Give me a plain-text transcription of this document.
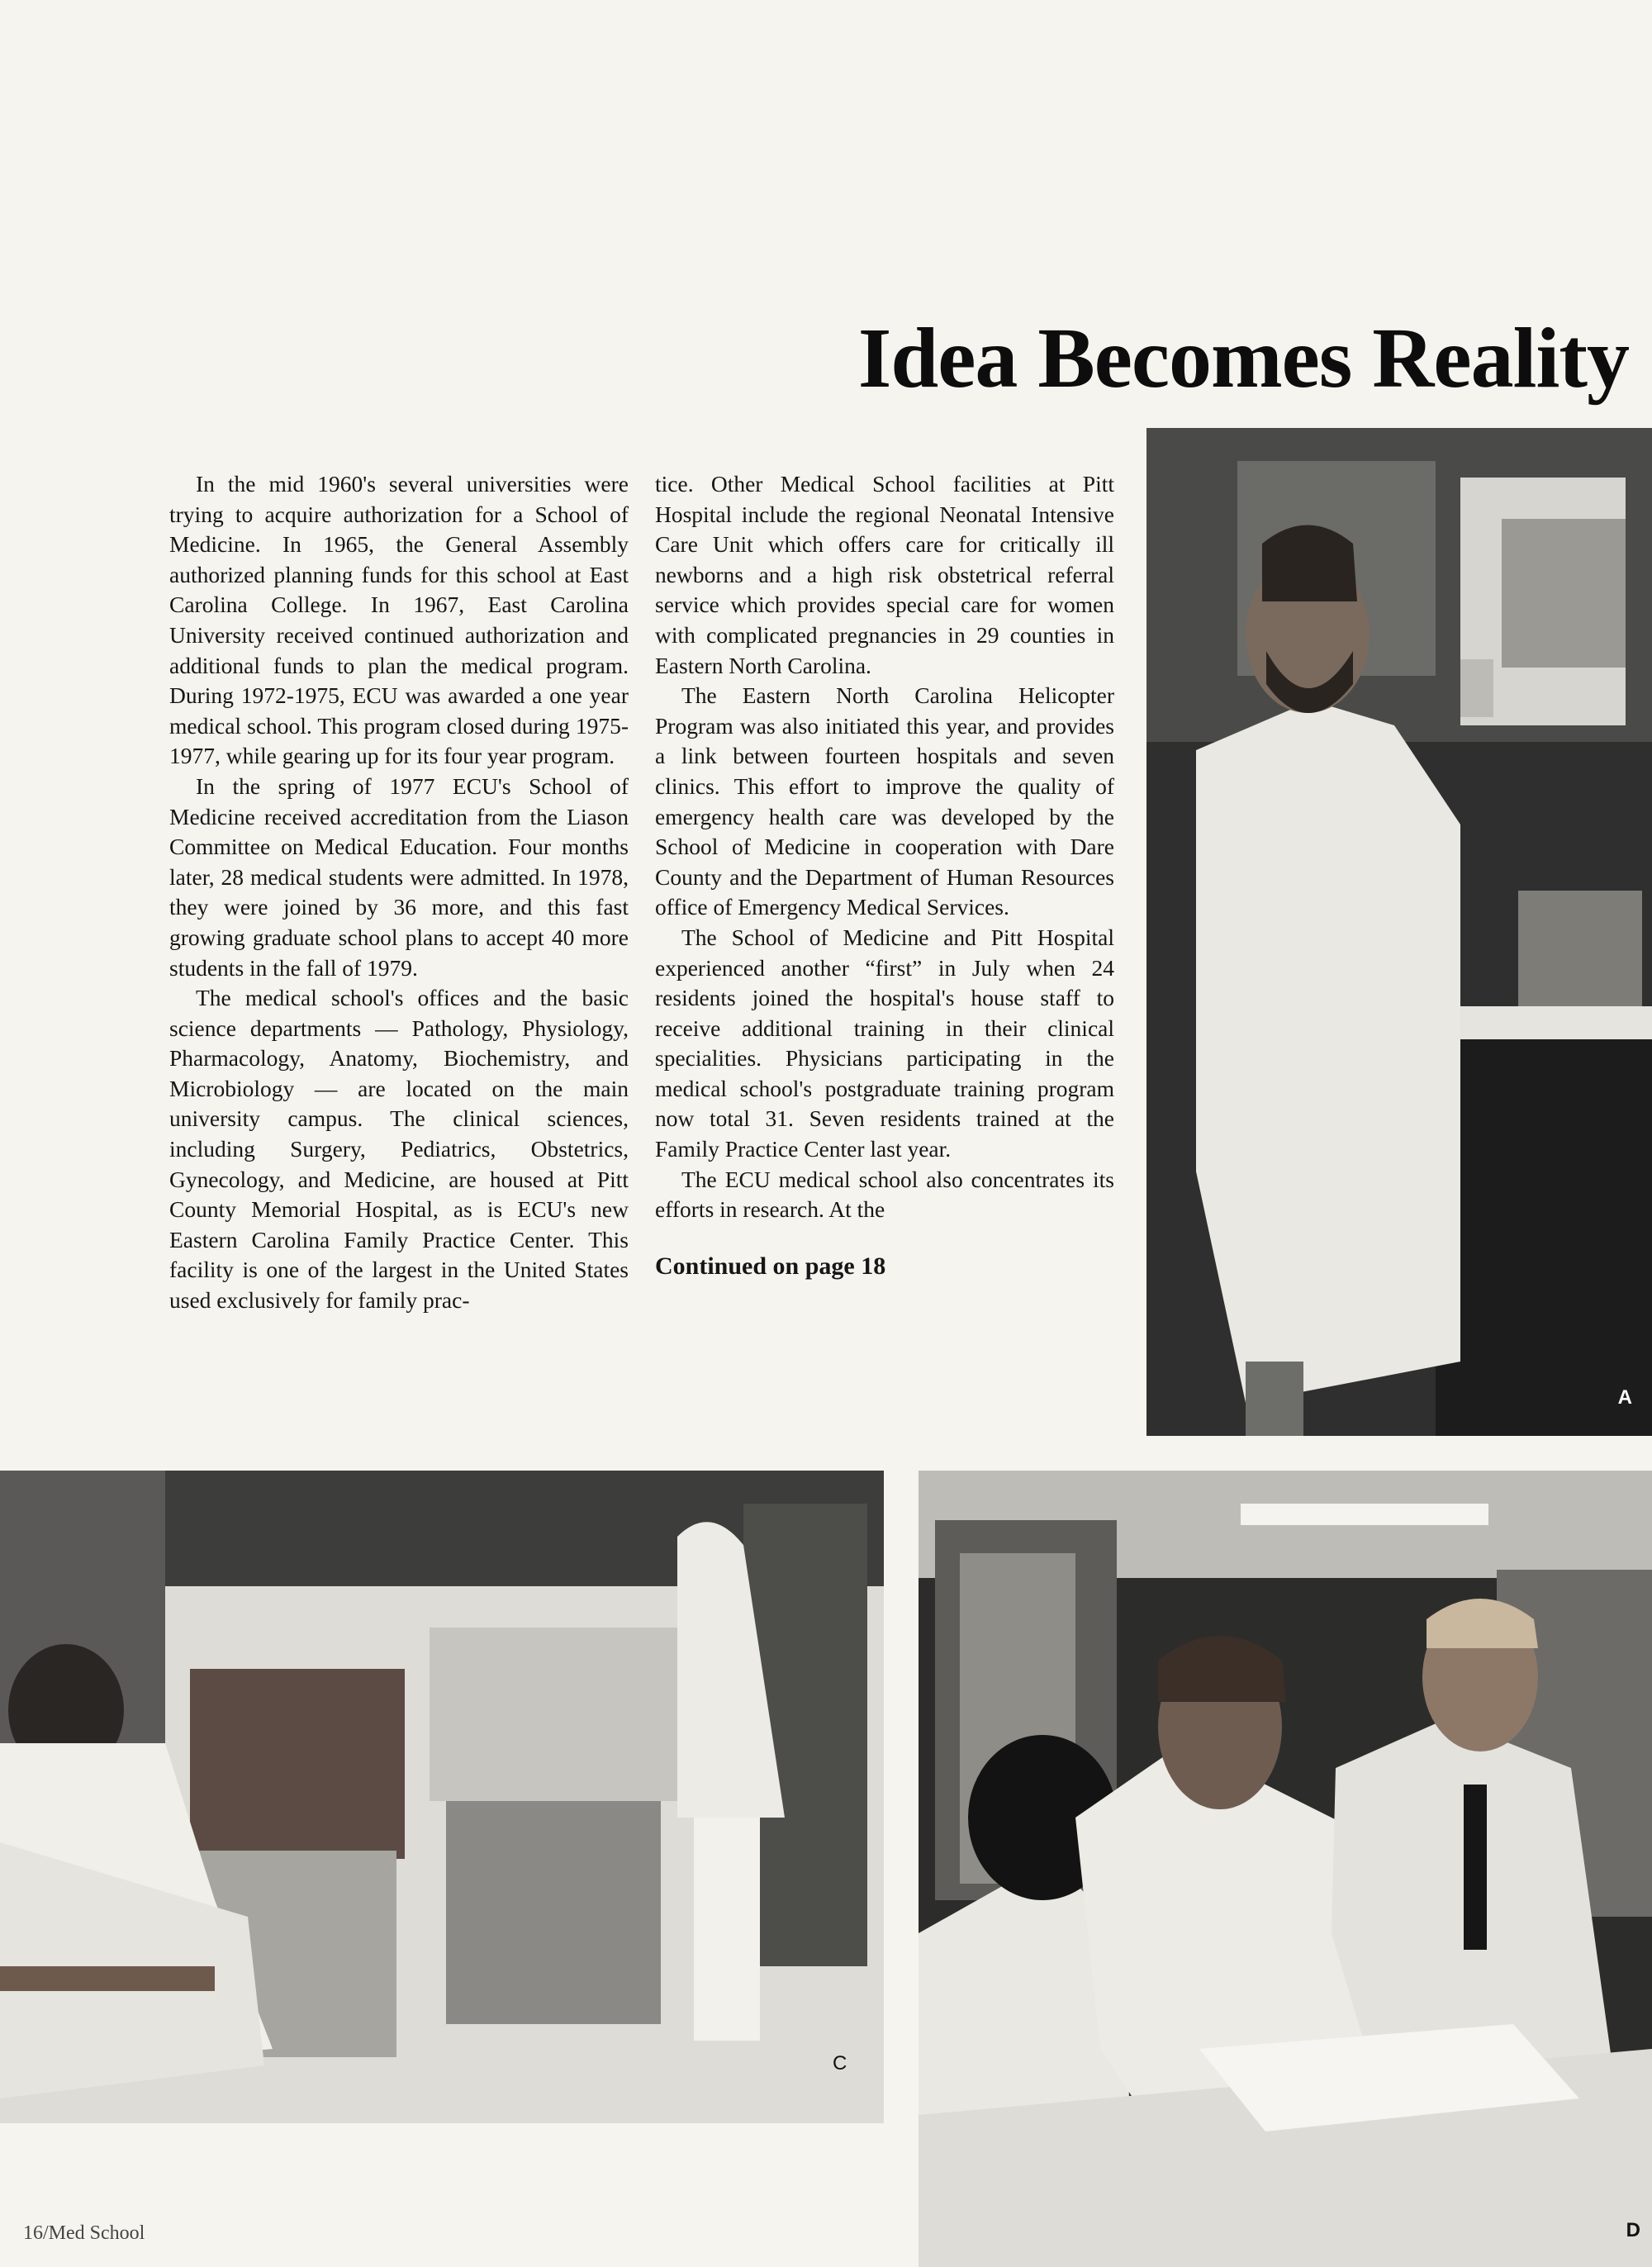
Idea Becomes Reality

In the mid 1960's several universities were trying to acquire authorization for a School of Medicine. In 1965, the General Assembly authorized planning funds for this school at East Carolina College. In 1967, East Carolina University received continued authorization and additional funds to plan the medical program. During 1972-1975, ECU was awarded a one year medical school. This program closed during 1975-1977, while gearing up for its four year program.

In the spring of 1977 ECU's School of Medicine received accreditation from the Liason Committee on Medical Education. Four months later, 28 medical students were admitted. In 1978, they were joined by 36 more, and this fast growing graduate school plans to accept 40 more students in the fall of 1979.

The medical school's offices and the basic science departments — Pathology, Physiology, Pharmacology, Anatomy, Biochemistry, and Microbiology — are located on the main university campus. The clinical sciences, including Surgery, Pediatrics, Obstetrics, Gynecology, and Medicine, are housed at Pitt County Memorial Hospital, as is ECU's new Eastern Carolina Family Practice Center. This facility is one of the largest in the United States used exclusively for family prac-

tice. Other Medical School facilities at Pitt Hospital include the regional Neonatal Intensive Care Unit which offers care for critically ill newborns and a high risk obstetrical referral service which provides special care for women with complicated pregnancies in 29 counties in Eastern North Carolina.

The Eastern North Carolina Helicopter Program was also initiated this year, and provides a link between fourteen hospitals and seven clinics. This effort to improve the quality of emergency health care was developed by the School of Medicine in cooperation with Dare County and the Department of Human Resources office of Emergency Medical Services.

The School of Medicine and Pitt Hospital experienced another “first” in July when 24 residents joined the hospital's house staff to receive additional training in their clinical specialities. Physicians participating in the medical school's postgraduate training program now total 31. Seven residents trained at the Family Practice Center last year.

The ECU medical school also concentrates its efforts in research. At the

Continued on page 18

A
C
D
16/Med School
